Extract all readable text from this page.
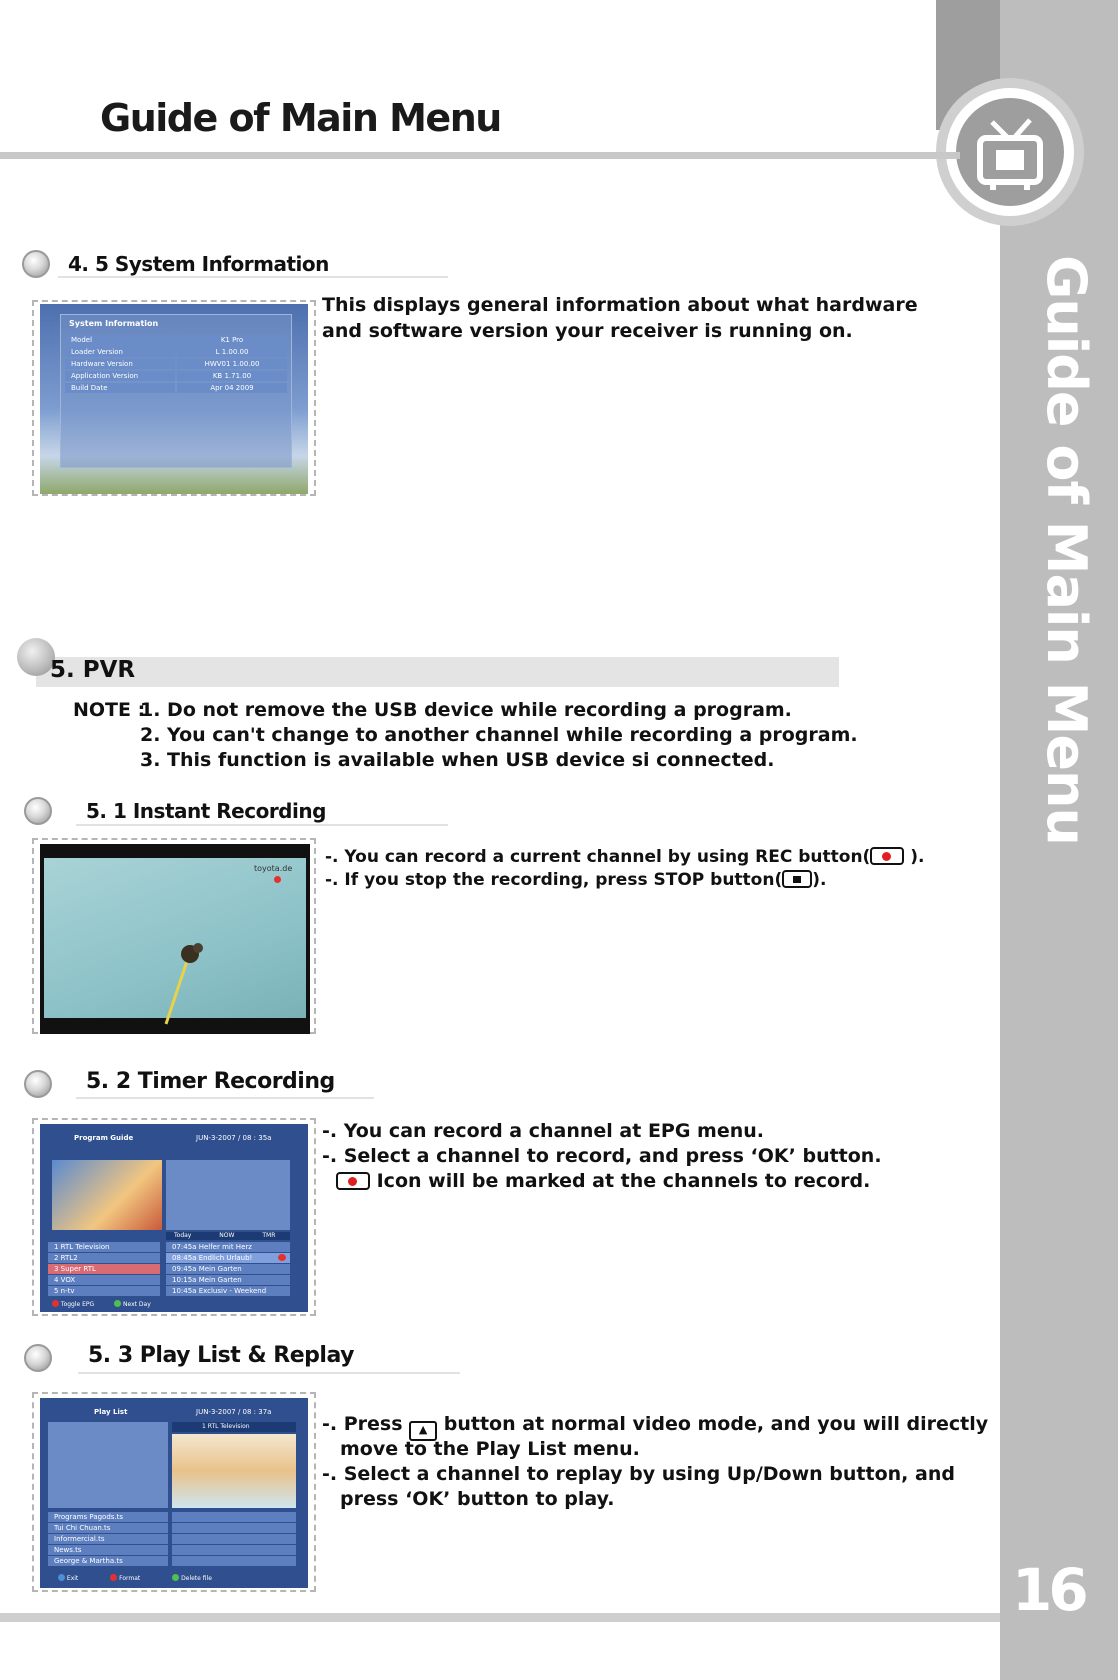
Guide of Main Menu
16
Guide of Main Menu
4. 5 System Information
System Information
Model	K1 Pro
Loader Version	L 1.00.00
Hardware Version	HWV01 1.00.00
Application Version	KB 1.71.00
Build Date	Apr 04 2009
This displays general information about what hardware and software version your receiver is running on.
5. PVR
NOTE :
1. Do not remove the USB device while recording a program.
2. You can't change to another channel while recording a program.
3. This function is available when USB device si connected.
5. 1 Instant Recording
toyota.de
-. You can record a current channel by using REC button( ).
-. If you stop the recording, press STOP button( ).
5. 2 Timer Recording
Program Guide	JUN-3-2007 / 08 : 35a
Today	NOW	TMR
1 RTL Television
2 RTL2
3 Super RTL
4 VOX
5 n-tv
07:45a Helfer mit Herz
08:45a Endlich Urlaub!
09:45a Mein Garten
10:15a Mein Garten
10:45a Exclusiv - Weekend
Toggle EPG	Next Day
-. You can record a channel at EPG menu.
-. Select a channel to record, and press ‘OK’ button.
Icon will be marked at the channels to record.
5. 3 Play List & Replay
Play List	JUN-3-2007 / 08 : 37a
1 RTL Television
Programs Pagods.ts
Tui Chi Chuan.ts
Informercial.ts
News.ts
George & Martha.ts
Exit	Format	Delete file
-. Press ▲ button at normal video mode, and you will directly
move to the Play List menu.
-. Select a channel to replay by using Up/Down button, and
press ‘OK’ button to play.
